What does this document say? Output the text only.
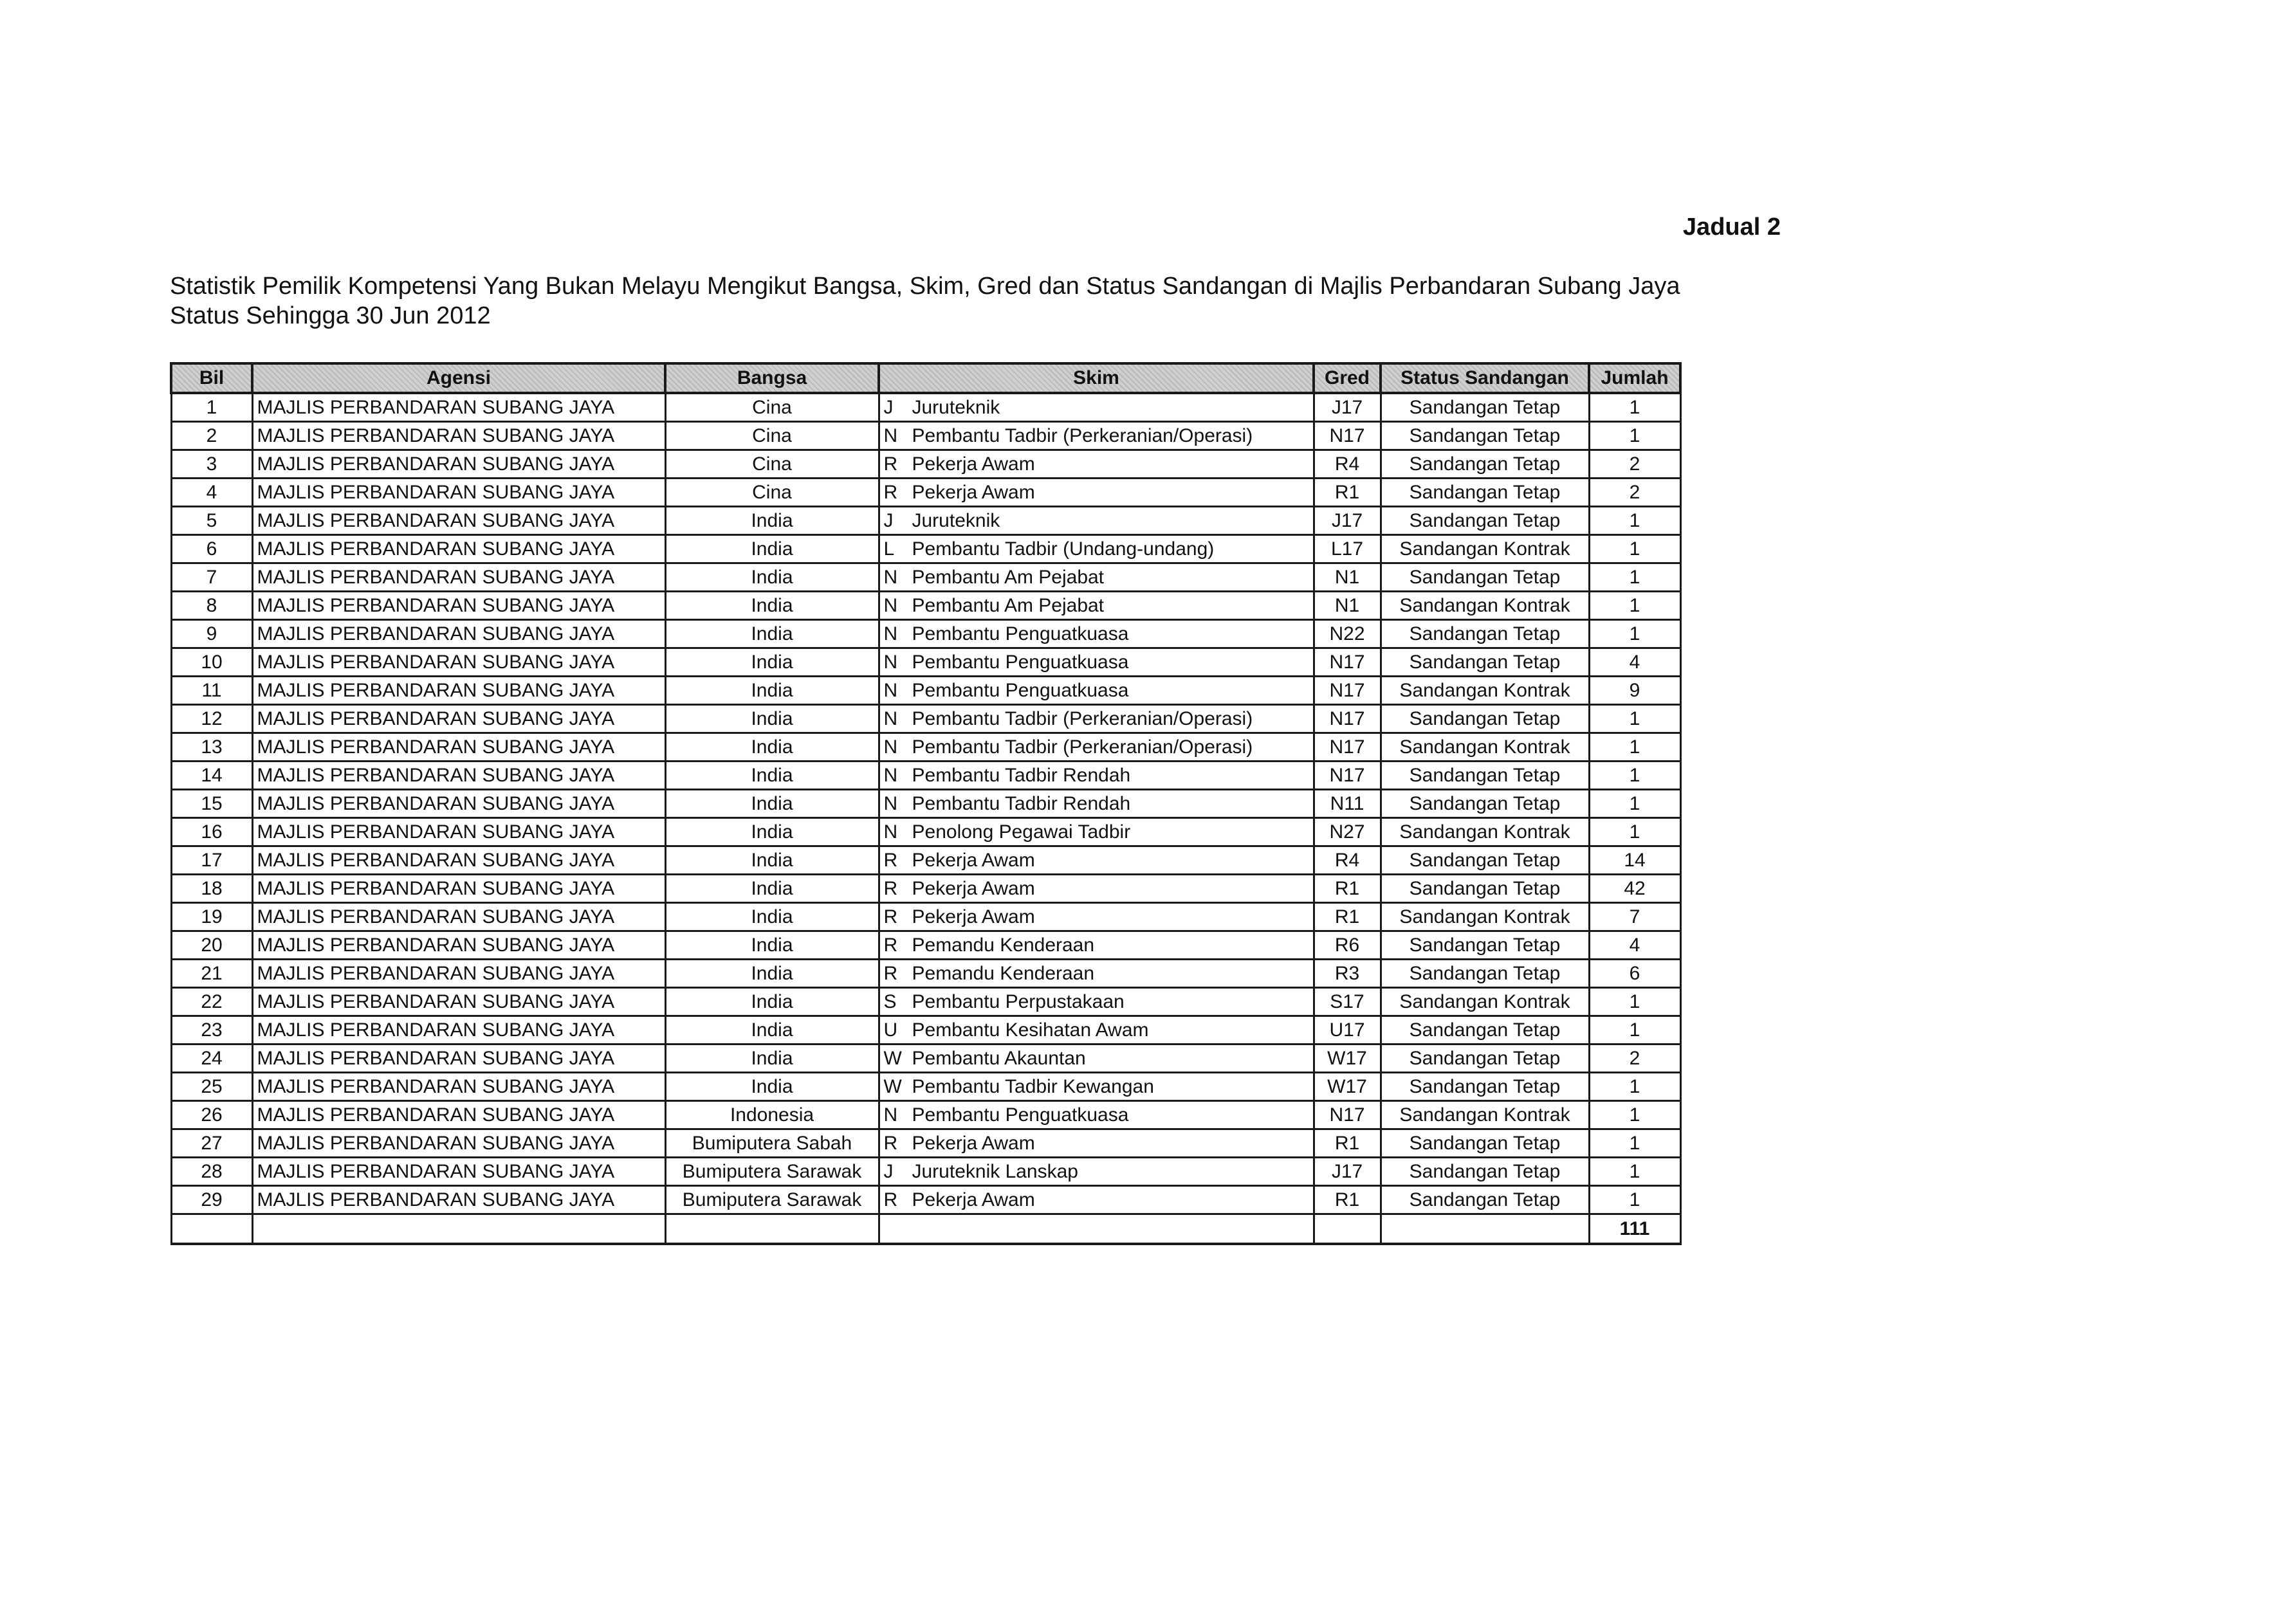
Jadual 2
Statistik Pemilik Kompetensi Yang Bukan Melayu Mengikut Bangsa, Skim, Gred dan Status Sandangan di Majlis Perbandaran Subang Jaya
Status Sehingga 30 Jun 2012
Bil	Agensi	Bangsa	Skim	Gred	Status Sandangan	Jumlah
1	MAJLIS PERBANDARAN SUBANG JAYA	Cina	J Juruteknik	J17	Sandangan Tetap	1
2	MAJLIS PERBANDARAN SUBANG JAYA	Cina	N Pembantu Tadbir (Perkeranian/Operasi)	N17	Sandangan Tetap	1
3	MAJLIS PERBANDARAN SUBANG JAYA	Cina	R Pekerja Awam	R4	Sandangan Tetap	2
4	MAJLIS PERBANDARAN SUBANG JAYA	Cina	R Pekerja Awam	R1	Sandangan Tetap	2
5	MAJLIS PERBANDARAN SUBANG JAYA	India	J Juruteknik	J17	Sandangan Tetap	1
6	MAJLIS PERBANDARAN SUBANG JAYA	India	L Pembantu Tadbir (Undang-undang)	L17	Sandangan Kontrak	1
7	MAJLIS PERBANDARAN SUBANG JAYA	India	N Pembantu Am Pejabat	N1	Sandangan Tetap	1
8	MAJLIS PERBANDARAN SUBANG JAYA	India	N Pembantu Am Pejabat	N1	Sandangan Kontrak	1
9	MAJLIS PERBANDARAN SUBANG JAYA	India	N Pembantu Penguatkuasa	N22	Sandangan Tetap	1
10	MAJLIS PERBANDARAN SUBANG JAYA	India	N Pembantu Penguatkuasa	N17	Sandangan Tetap	4
11	MAJLIS PERBANDARAN SUBANG JAYA	India	N Pembantu Penguatkuasa	N17	Sandangan Kontrak	9
12	MAJLIS PERBANDARAN SUBANG JAYA	India	N Pembantu Tadbir (Perkeranian/Operasi)	N17	Sandangan Tetap	1
13	MAJLIS PERBANDARAN SUBANG JAYA	India	N Pembantu Tadbir (Perkeranian/Operasi)	N17	Sandangan Kontrak	1
14	MAJLIS PERBANDARAN SUBANG JAYA	India	N Pembantu Tadbir Rendah	N17	Sandangan Tetap	1
15	MAJLIS PERBANDARAN SUBANG JAYA	India	N Pembantu Tadbir Rendah	N11	Sandangan Tetap	1
16	MAJLIS PERBANDARAN SUBANG JAYA	India	N Penolong Pegawai Tadbir	N27	Sandangan Kontrak	1
17	MAJLIS PERBANDARAN SUBANG JAYA	India	R Pekerja Awam	R4	Sandangan Tetap	14
18	MAJLIS PERBANDARAN SUBANG JAYA	India	R Pekerja Awam	R1	Sandangan Tetap	42
19	MAJLIS PERBANDARAN SUBANG JAYA	India	R Pekerja Awam	R1	Sandangan Kontrak	7
20	MAJLIS PERBANDARAN SUBANG JAYA	India	R Pemandu Kenderaan	R6	Sandangan Tetap	4
21	MAJLIS PERBANDARAN SUBANG JAYA	India	R Pemandu Kenderaan	R3	Sandangan Tetap	6
22	MAJLIS PERBANDARAN SUBANG JAYA	India	S Pembantu Perpustakaan	S17	Sandangan Kontrak	1
23	MAJLIS PERBANDARAN SUBANG JAYA	India	U Pembantu Kesihatan Awam	U17	Sandangan Tetap	1
24	MAJLIS PERBANDARAN SUBANG JAYA	India	W Pembantu Akauntan	W17	Sandangan Tetap	2
25	MAJLIS PERBANDARAN SUBANG JAYA	India	W Pembantu Tadbir Kewangan	W17	Sandangan Tetap	1
26	MAJLIS PERBANDARAN SUBANG JAYA	Indonesia	N Pembantu Penguatkuasa	N17	Sandangan Kontrak	1
27	MAJLIS PERBANDARAN SUBANG JAYA	Bumiputera Sabah	R Pekerja Awam	R1	Sandangan Tetap	1
28	MAJLIS PERBANDARAN SUBANG JAYA	Bumiputera Sarawak	J Juruteknik Lanskap	J17	Sandangan Tetap	1
29	MAJLIS PERBANDARAN SUBANG JAYA	Bumiputera Sarawak	R Pekerja Awam	R1	Sandangan Tetap	1
						111
